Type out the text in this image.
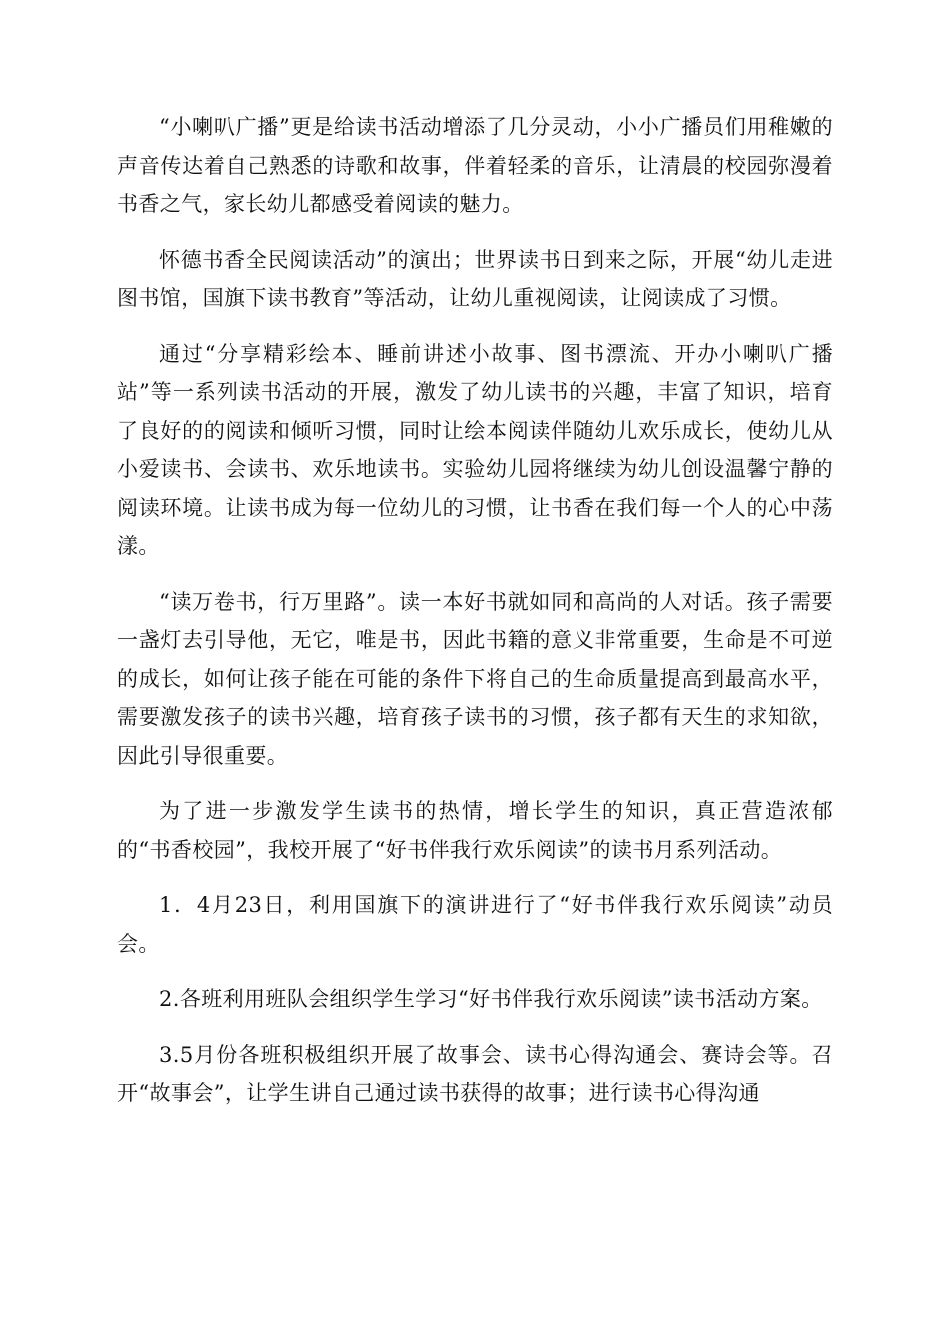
“小喇叭广播”更是给读书活动增添了几分灵动，小小广播员们用稚嫩的声音传达着自己熟悉的诗歌和故事，伴着轻柔的音乐，让清晨的校园弥漫着书香之气，家长幼儿都感受着阅读的魅力。

怀德书香全民阅读活动”的演出；世界读书日到来之际，开展“幼儿走进图书馆，国旗下读书教育”等活动，让幼儿重视阅读，让阅读成了习惯。

通过“分享精彩绘本、睡前讲述小故事、图书漂流、开办小喇叭广播站”等一系列读书活动的开展，激发了幼儿读书的兴趣，丰富了知识，培育了良好的的阅读和倾听习惯，同时让绘本阅读伴随幼儿欢乐成长，使幼儿从小爱读书、会读书、欢乐地读书。实验幼儿园将继续为幼儿创设温馨宁静的阅读环境。让读书成为每一位幼儿的习惯，让书香在我们每一个人的心中荡漾。

“读万卷书，行万里路”。读一本好书就如同和高尚的人对话。孩子需要一盏灯去引导他，无它，唯是书，因此书籍的意义非常重要，生命是不可逆的成长，如何让孩子能在可能的条件下将自己的生命质量提高到最高水平，需要激发孩子的读书兴趣，培育孩子读书的习惯，孩子都有天生的求知欲，因此引导很重要。

为了进一步激发学生读书的热情，增长学生的知识，真正营造浓郁的“书香校园”，我校开展了“好书伴我行欢乐阅读”的读书月系列活动。

1．4月23日，利用国旗下的演讲进行了“好书伴我行欢乐阅读”动员会。

2.各班利用班队会组织学生学习“好书伴我行欢乐阅读”读书活动方案。

3.5月份各班积极组织开展了故事会、读书心得沟通会、赛诗会等。召开“故事会”，让学生讲自己通过读书获得的故事；进行读书心得沟通
